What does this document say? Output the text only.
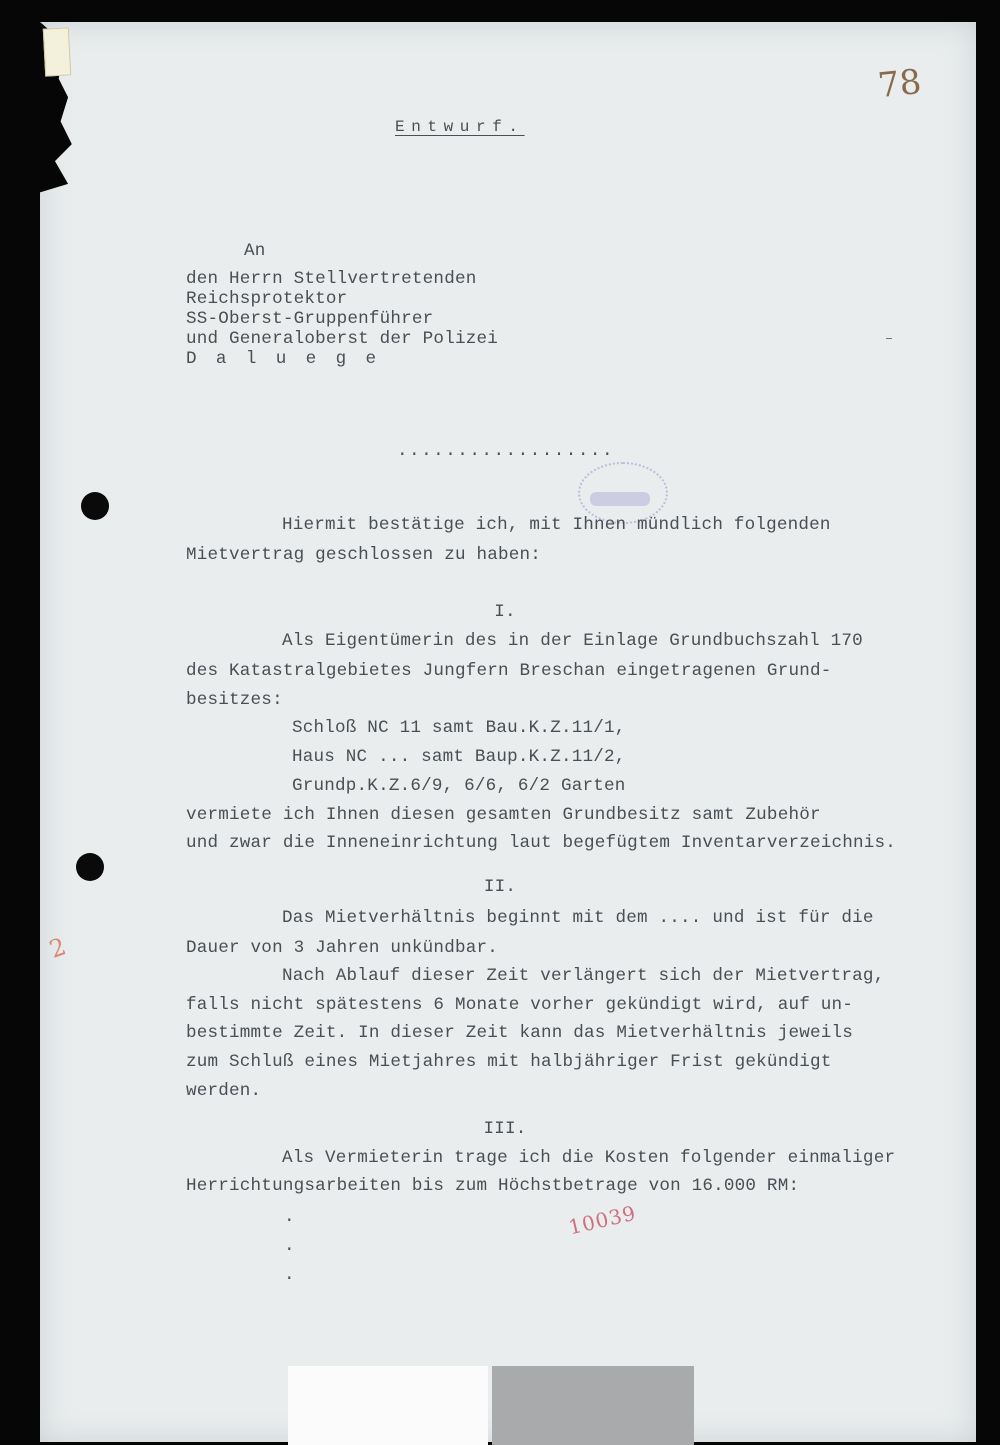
78
Entwurf.
An
den Herrn Stellvertretenden
Reichsprotektor
SS-Oberst-Gruppenführer
und Generaloberst der Polizei
D a l u e g e
..................
Hiermit bestätige ich, mit Ihnen mündlich folgenden
Mietvertrag geschlossen zu haben:
I.
Als Eigentümerin des in der Einlage Grundbuchszahl 170
des Katastralgebietes Jungfern Breschan eingetragenen Grund-
besitzes:
Schloß NC 11 samt Bau.K.Z.11/1,
Haus NC ... samt Baup.K.Z.11/2,
Grundp.K.Z.6/9, 6/6, 6/2 Garten
vermiete ich Ihnen diesen gesamten Grundbesitz samt Zubehör
und zwar die Inneneinrichtung laut begefügtem Inventarverzeichnis.
II.
Das Mietverhältnis beginnt mit dem .... und ist für die
Dauer von 3 Jahren unkündbar.
Nach Ablauf dieser Zeit verlängert sich der Mietvertrag,
falls nicht spätestens 6 Monate vorher gekündigt wird, auf un-
bestimmte Zeit. In dieser Zeit kann das Mietverhältnis jeweils
zum Schluß eines Mietjahres mit halbjähriger Frist gekündigt
werden.
2
III.
Als Vermieterin trage ich die Kosten folgender einmaliger
Herrichtungsarbeiten bis zum Höchstbetrage von 16.000 RM:
.
.
.
10039
